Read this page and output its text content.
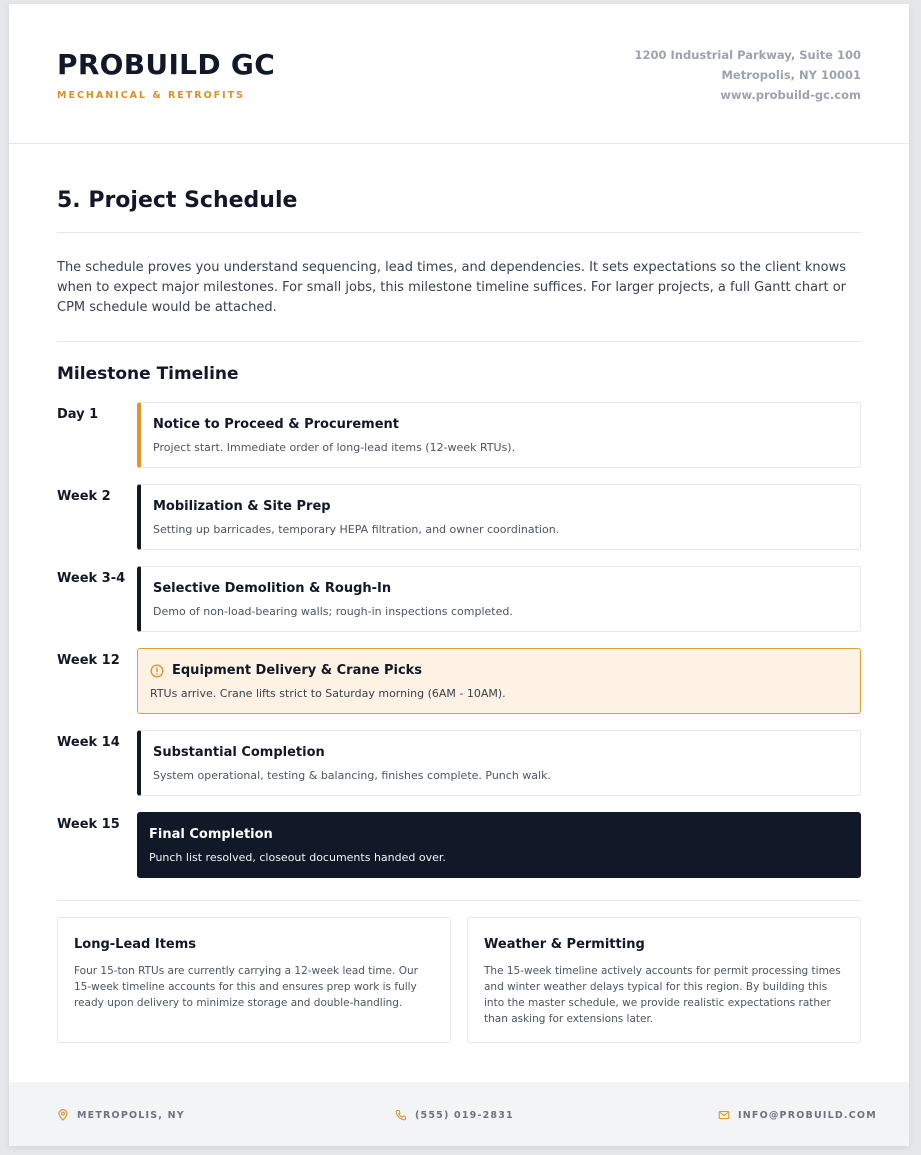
PROBUILD GC
MECHANICAL & RETROFITS
1200 Industrial Parkway, Suite 100
Metropolis, NY 10001
www.probuild-gc.com
5. Project Schedule
The schedule proves you understand sequencing, lead times, and dependencies. It sets expectations so the client knows when to expect major milestones. For small jobs, this milestone timeline suffices. For larger projects, a full Gantt chart or CPM schedule would be attached.
Milestone Timeline
Day 1
Notice to Proceed & Procurement
Project start. Immediate order of long-lead items (12-week RTUs).
Week 2
Mobilization & Site Prep
Setting up barricades, temporary HEPA filtration, and owner coordination.
Week 3-4
Selective Demolition & Rough-In
Demo of non-load-bearing walls; rough-in inspections completed.
Week 12
Equipment Delivery & Crane Picks
RTUs arrive. Crane lifts strict to Saturday morning (6AM - 10AM).
Week 14
Substantial Completion
System operational, testing & balancing, finishes complete. Punch walk.
Week 15
Final Completion
Punch list resolved, closeout documents handed over.
Long-Lead Items
Four 15-ton RTUs are currently carrying a 12-week lead time. Our 15-week timeline accounts for this and ensures prep work is fully ready upon delivery to minimize storage and double-handling.
Weather & Permitting
The 15-week timeline actively accounts for permit processing times and winter weather delays typical for this region. By building this into the master schedule, we provide realistic expectations rather than asking for extensions later.
METROPOLIS, NY	(555) 019-2831	INFO@PROBUILD.COM
